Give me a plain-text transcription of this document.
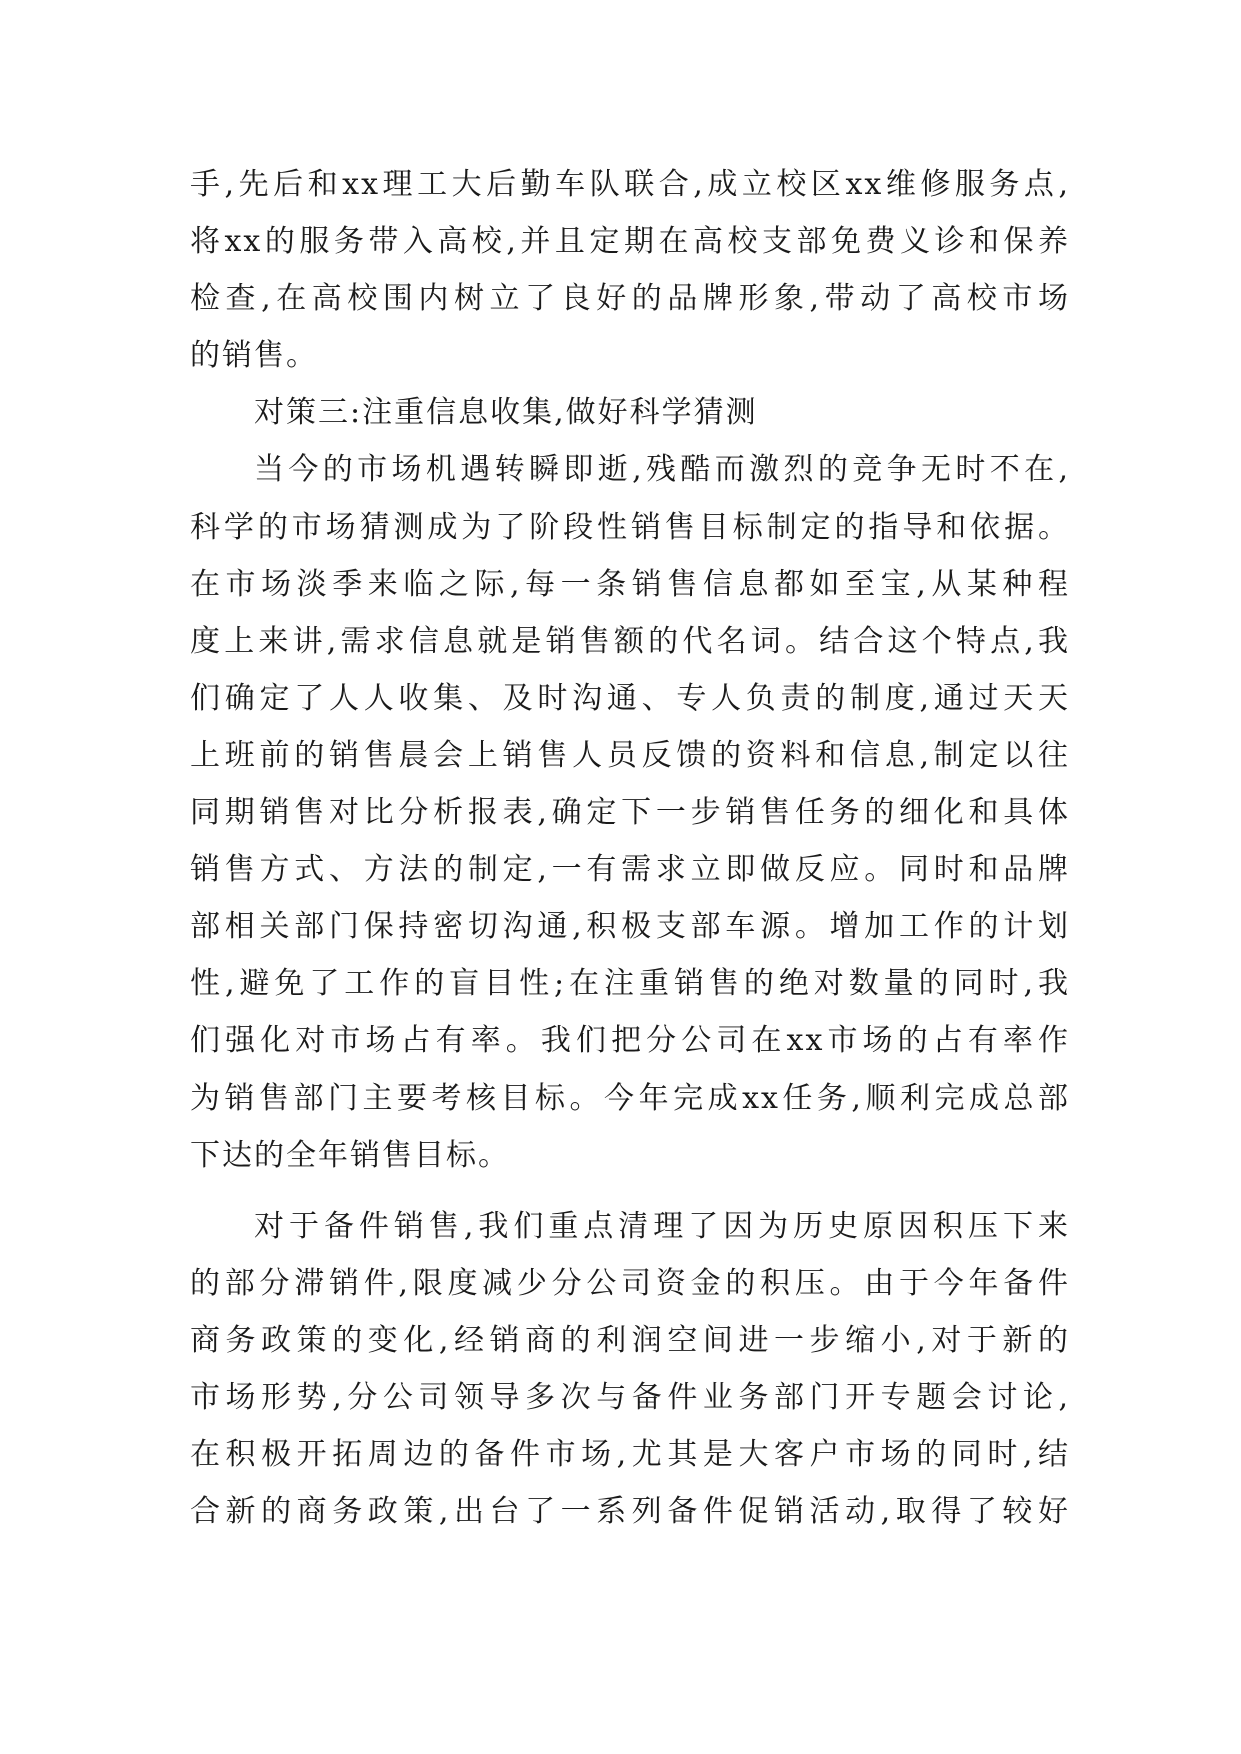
手,先后和xx理工大后勤车队联合,成立校区xx维修服务点,
将xx的服务带入高校,并且定期在高校支部免费义诊和保养
检查,在高校围内树立了良好的品牌形象,带动了高校市场
的销售。
对策三:注重信息收集,做好科学猜测
当今的市场机遇转瞬即逝,残酷而激烈的竞争无时不在,
科学的市场猜测成为了阶段性销售目标制定的指导和依据。
在市场淡季来临之际,每一条销售信息都如至宝,从某种程
度上来讲,需求信息就是销售额的代名词。结合这个特点,我
们确定了人人收集、及时沟通、专人负责的制度,通过天天
上班前的销售晨会上销售人员反馈的资料和信息,制定以往
同期销售对比分析报表,确定下一步销售任务的细化和具体
销售方式、方法的制定,一有需求立即做反应。同时和品牌
部相关部门保持密切沟通,积极支部车源。增加工作的计划
性,避免了工作的盲目性;在注重销售的绝对数量的同时,我
们强化对市场占有率。我们把分公司在xx市场的占有率作
为销售部门主要考核目标。今年完成xx任务,顺利完成总部
下达的全年销售目标。
对于备件销售,我们重点清理了因为历史原因积压下来
的部分滞销件,限度减少分公司资金的积压。由于今年备件
商务政策的变化,经销商的利润空间进一步缩小,对于新的
市场形势,分公司领导多次与备件业务部门开专题会讨论,
在积极开拓周边的备件市场,尤其是大客户市场的同时,结
合新的商务政策,出台了一系列备件促销活动,取得了较好
